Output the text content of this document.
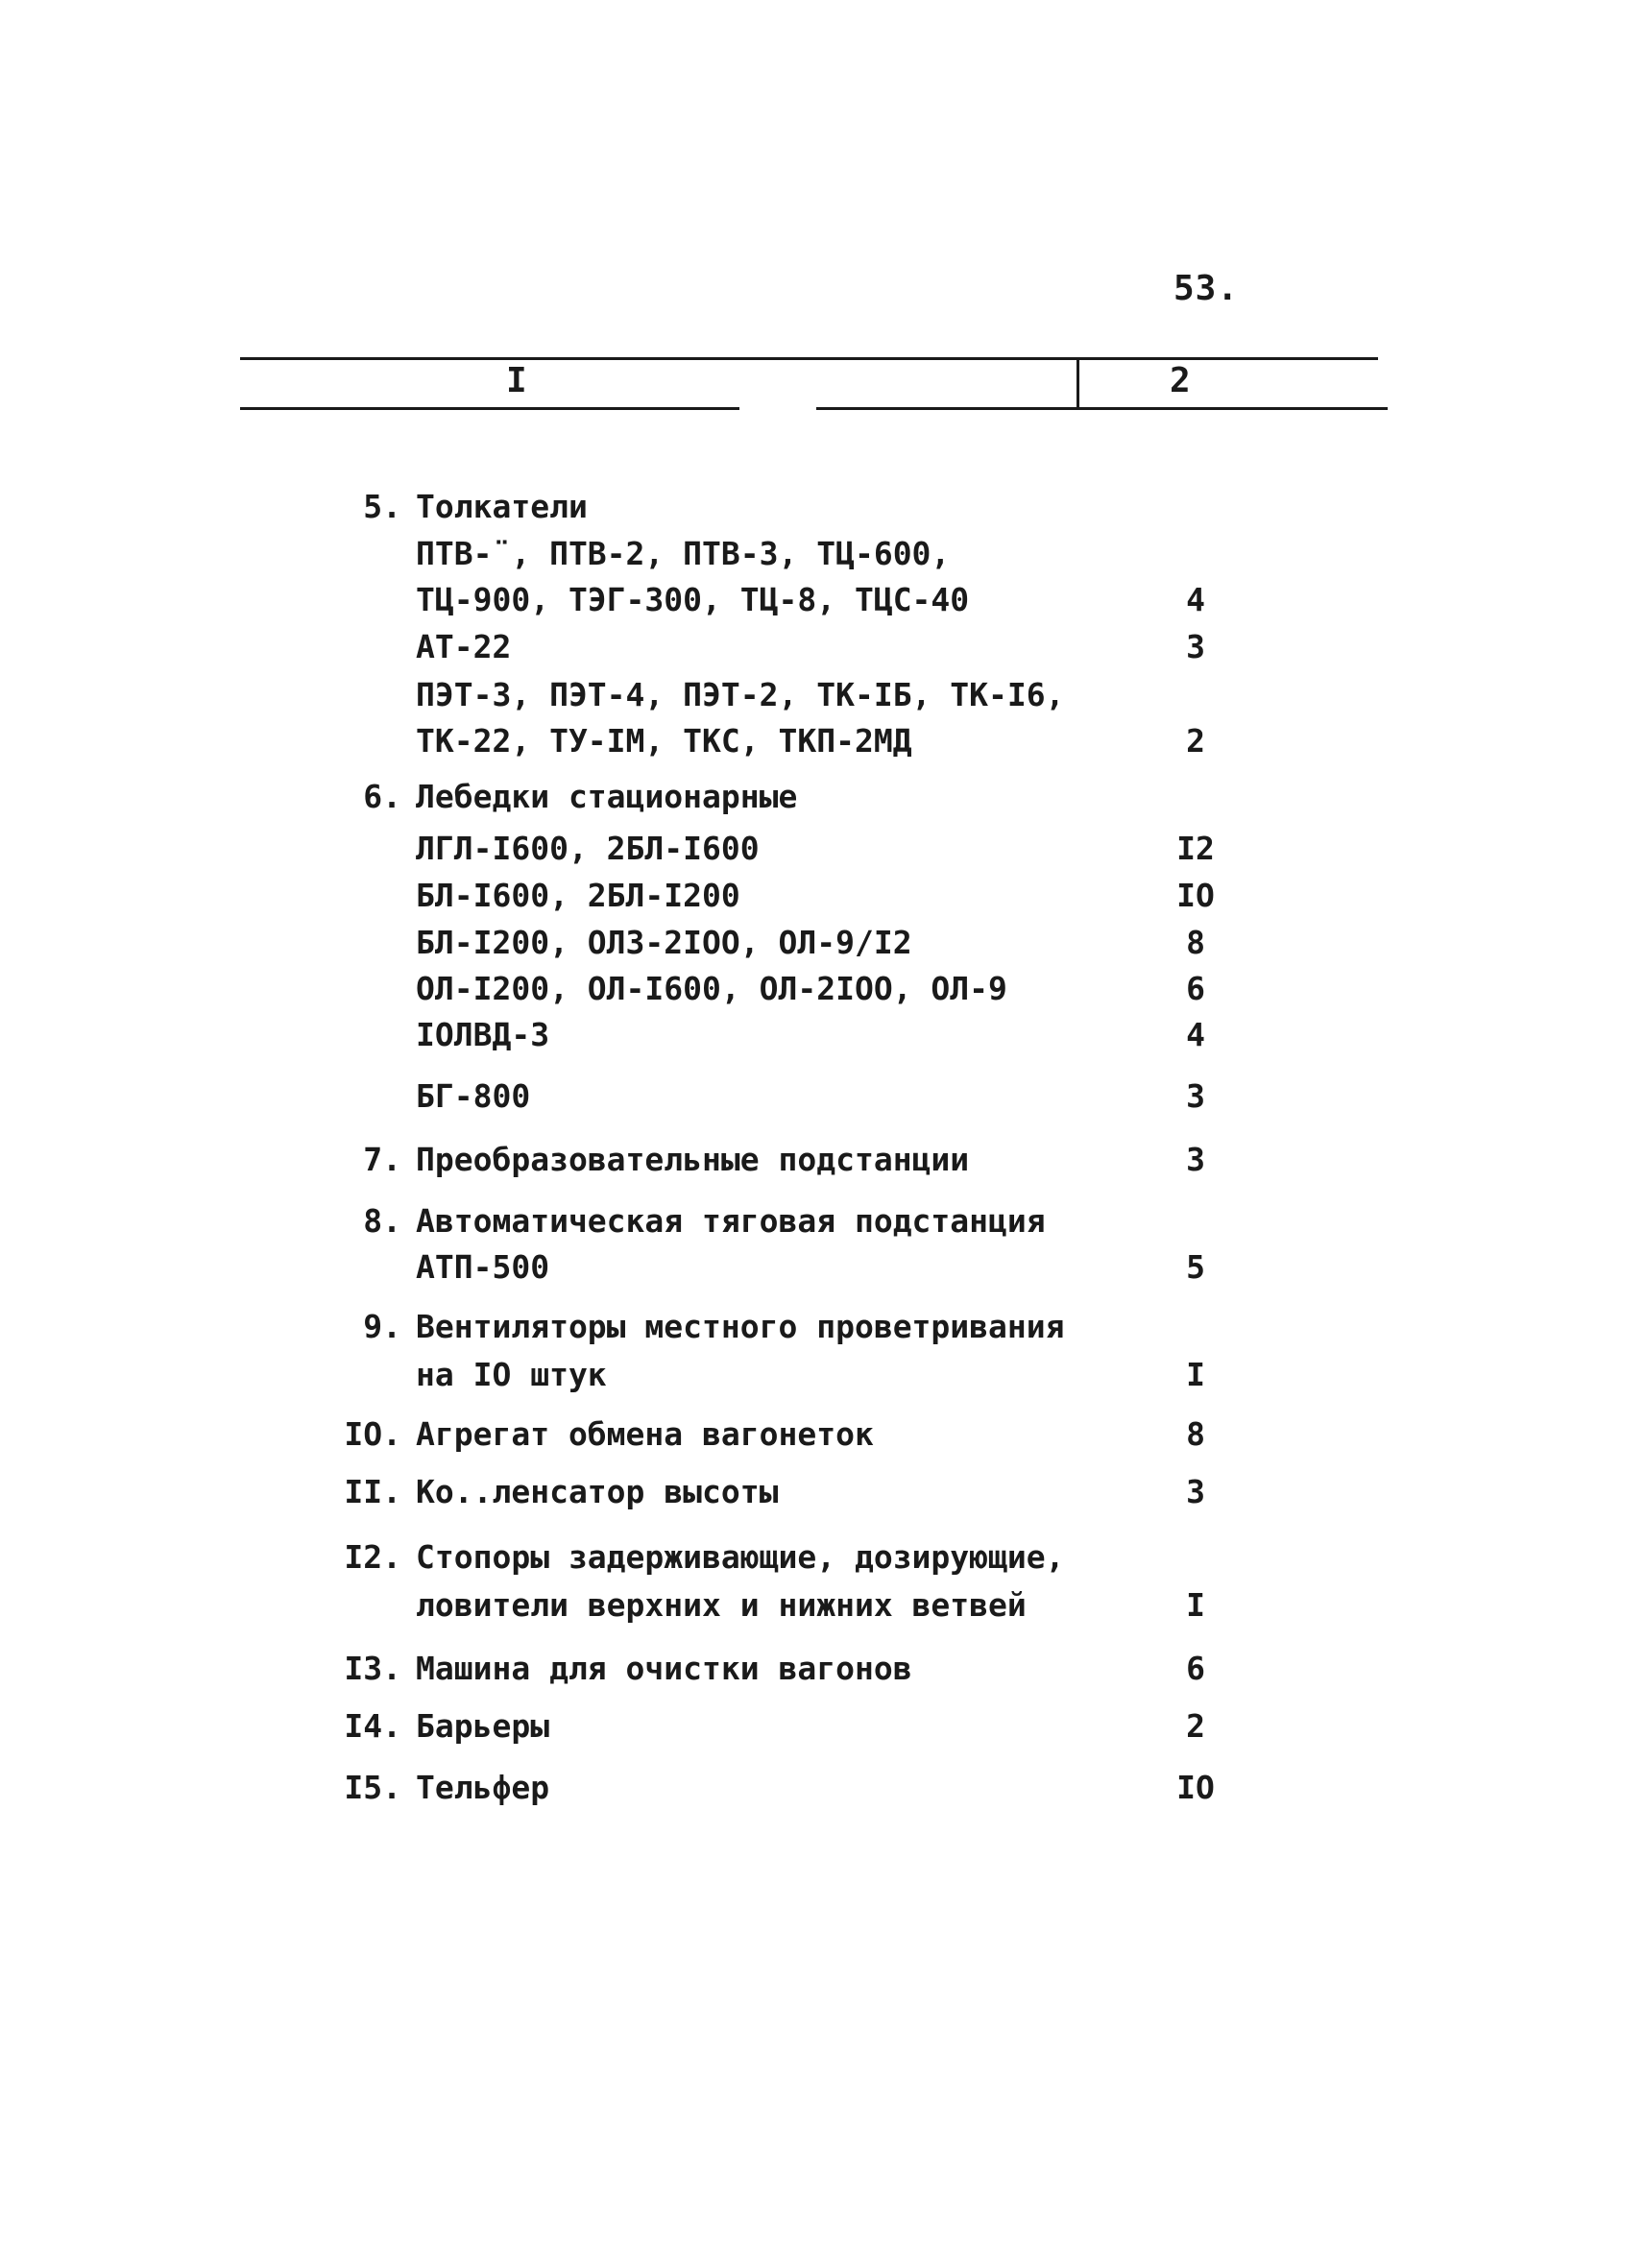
53.
I	2
5. Толкатели
ПТВ-¨, ПТВ-2, ПТВ-3, ТЦ-600,
ТЦ-900, ТЭГ-300, ТЦ-8, ТЦС-40	4
АТ-22	3
ПЭТ-3, ПЭТ-4, ПЭТ-2, ТК-IБ, ТК-I6,
ТК-22, ТУ-IМ, ТКС, ТКП-2МД	2
6. Лебедки стационарные
ЛГЛ-I600, 2БЛ-I600	I2
БЛ-I600, 2БЛ-I200	IO
БЛ-I200, ОЛЗ-2IOO, ОЛ-9/I2	8
ОЛ-I200, ОЛ-I600, ОЛ-2IOO, ОЛ-9	6
IОЛВД-3	4
БГ-800	3
7. Преобразовательные подстанции	3
8. Автоматическая тяговая подстанция
АТП-500	5
9. Вентиляторы местного проветривания
на IO штук	I
IO. Агрегат обмена вагонеток	8
II. Ко..ленсатор высоты	3
I2. Стопоры задерживающие, дозирующие,
ловители верхних и нижних ветвей	I
I3. Машина для очистки вагонов	6
I4. Барьеры	2
I5. Тельфер	IO
